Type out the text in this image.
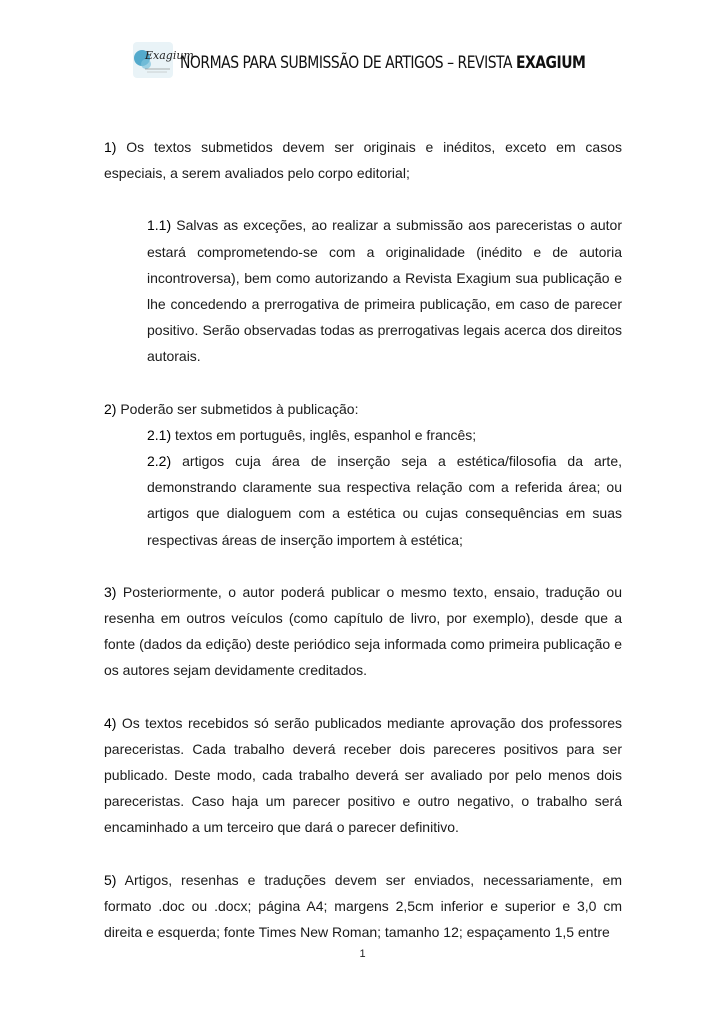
Exagium
NORMAS PARA SUBMISSÃO DE ARTIGOS – REVISTA EXAGIUM

1) Os textos submetidos devem ser originais e inéditos, exceto em casos especiais, a serem avaliados pelo corpo editorial;

1.1) Salvas as exceções, ao realizar a submissão aos pareceristas o autor estará comprometendo-se com a originalidade (inédito e de autoria incontroversa), bem como autorizando a Revista Exagium sua publicação e lhe concedendo a prerrogativa de primeira publicação, em caso de parecer positivo. Serão observadas todas as prerrogativas legais acerca dos direitos autorais.

2) Poderão ser submetidos à publicação:

2.1) textos em português, inglês, espanhol e francês;

2.2) artigos cuja área de inserção seja a estética/filosofia da arte, demonstrando claramente sua respectiva relação com a referida área; ou artigos que dialoguem com a estética ou cujas consequências em suas respectivas áreas de inserção importem à estética;

3) Posteriormente, o autor poderá publicar o mesmo texto, ensaio, tradução ou resenha em outros veículos (como capítulo de livro, por exemplo), desde que a fonte (dados da edição) deste periódico seja informada como primeira publicação e os autores sejam devidamente creditados.

4) Os textos recebidos só serão publicados mediante aprovação dos professores pareceristas. Cada trabalho deverá receber dois pareceres positivos para ser publicado. Deste modo, cada trabalho deverá ser avaliado por pelo menos dois pareceristas. Caso haja um parecer positivo e outro negativo, o trabalho será encaminhado a um terceiro que dará o parecer definitivo.

5) Artigos, resenhas e traduções devem ser enviados, necessariamente, em formato .doc ou .docx; página A4; margens 2,5cm inferior e superior e 3,0 cm direita e esquerda; fonte Times New Roman; tamanho 12; espaçamento 1,5 entre

1
